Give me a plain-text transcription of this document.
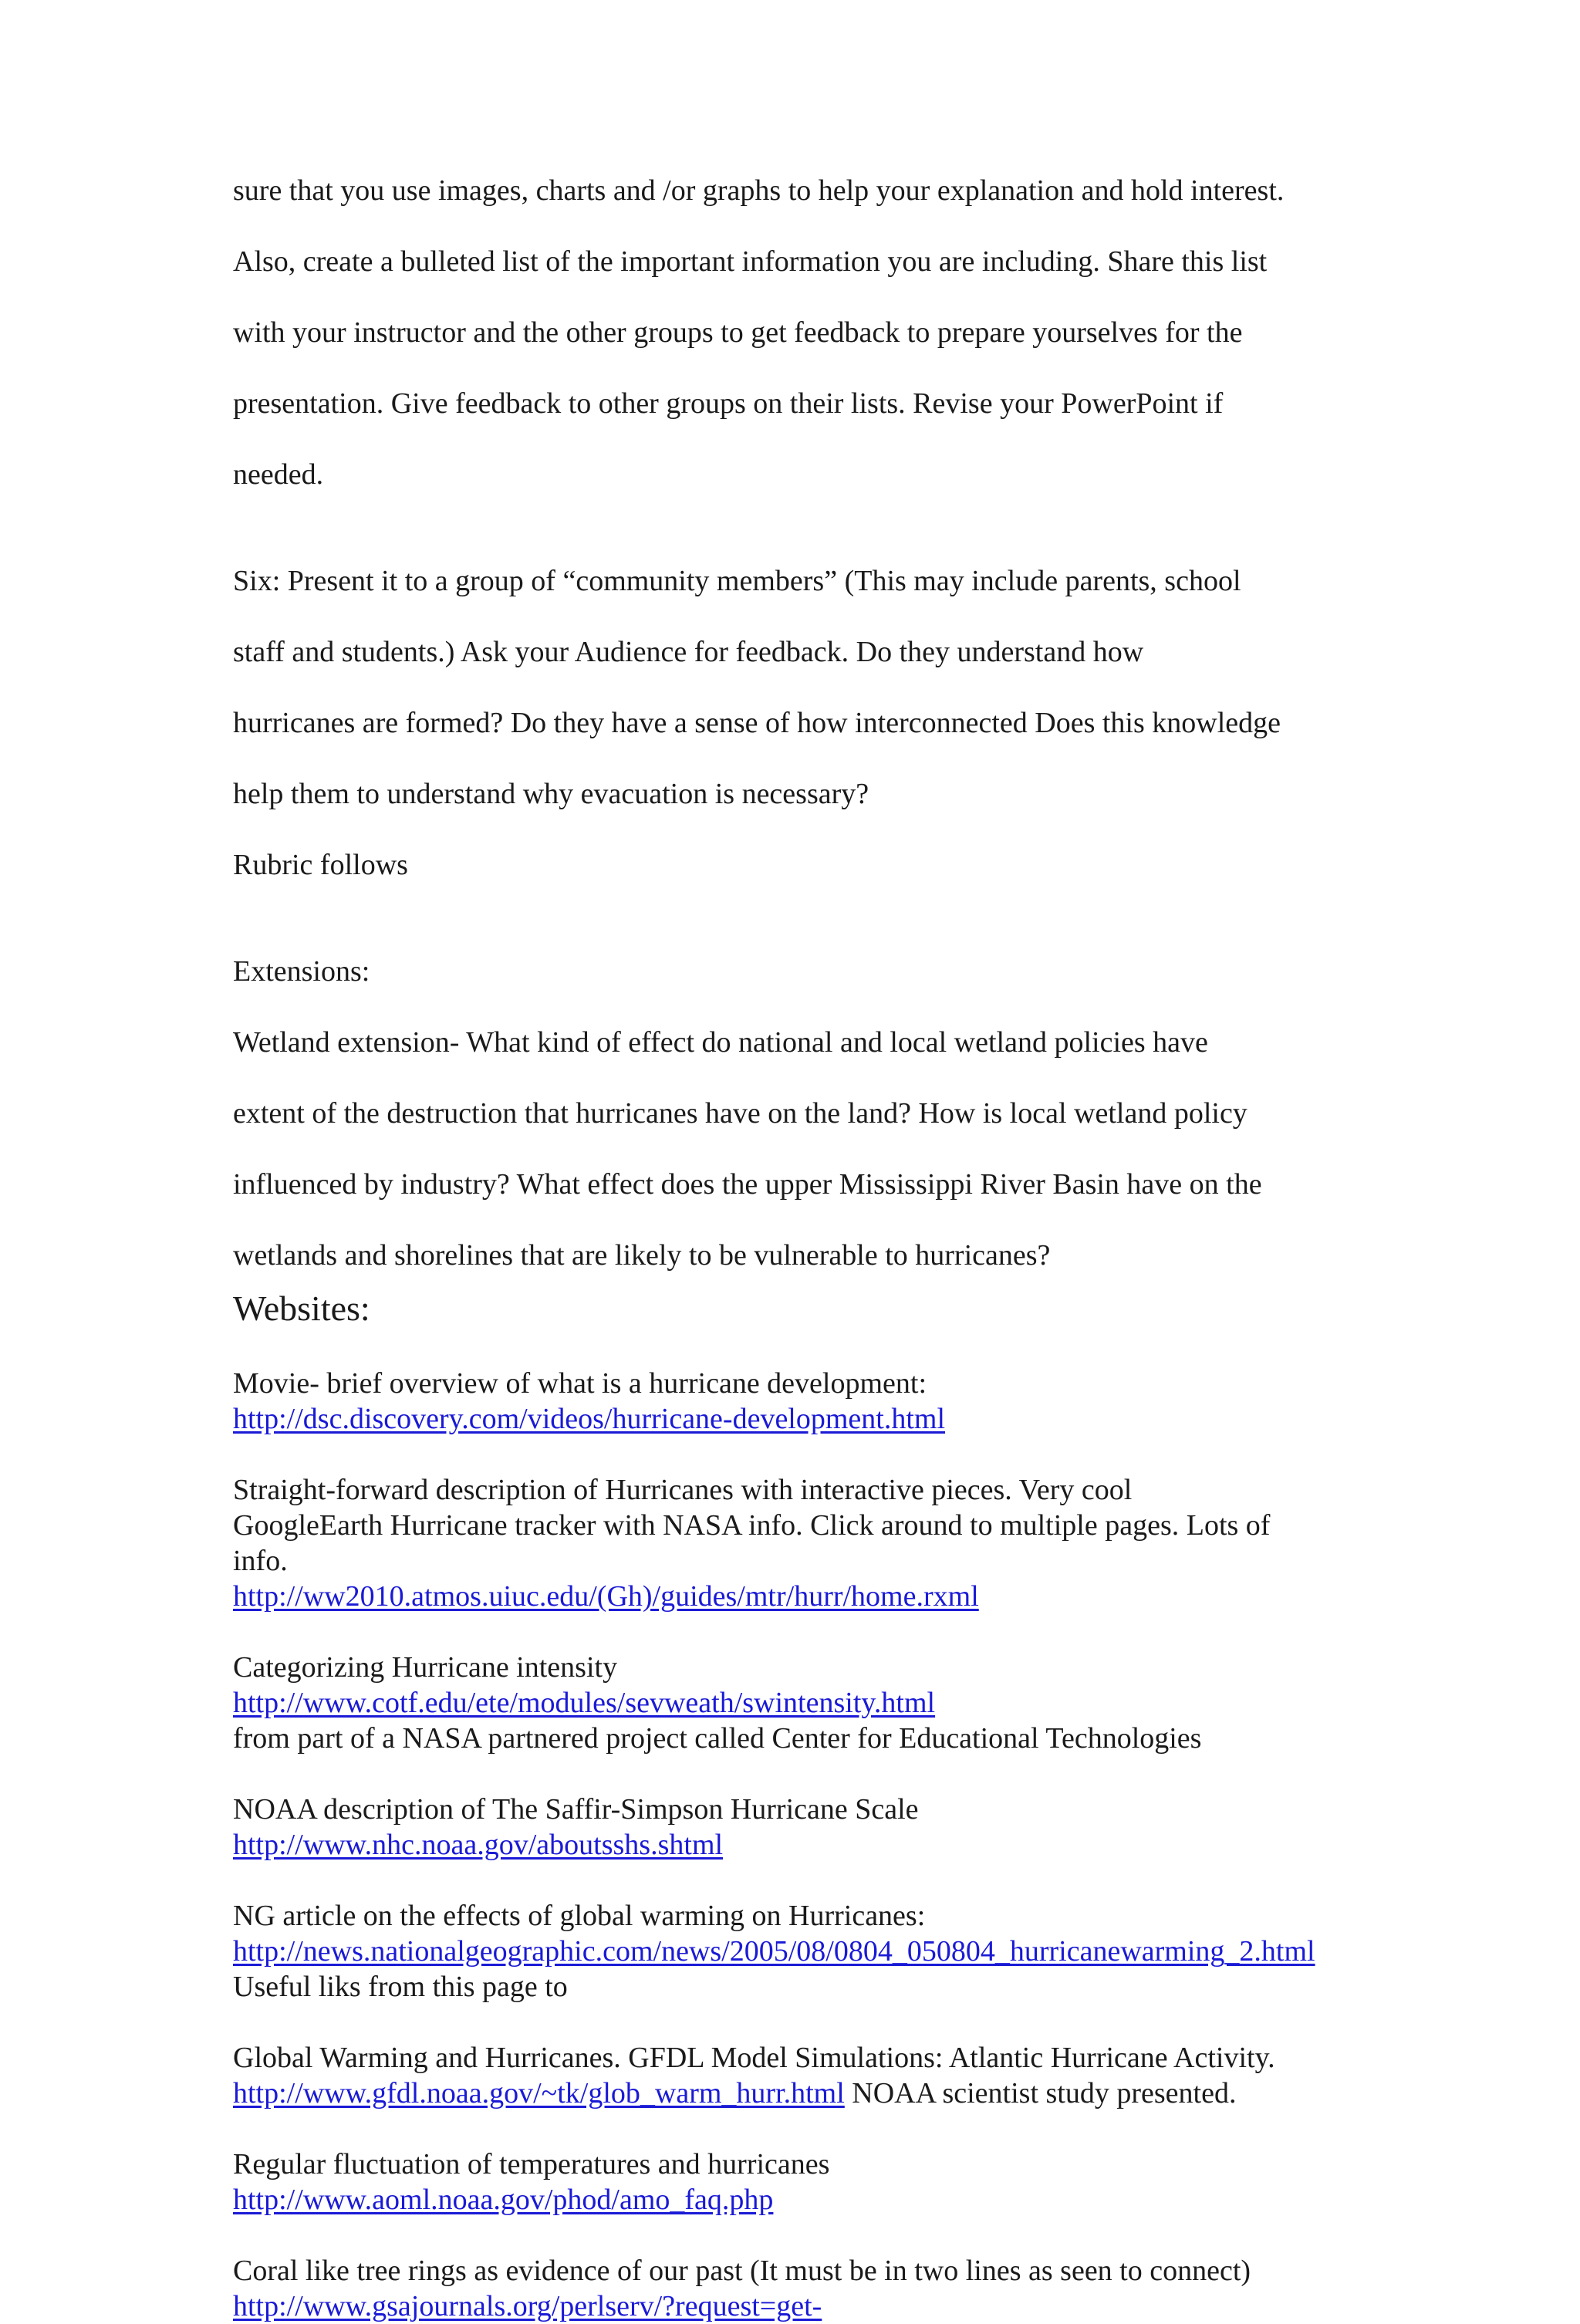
sure that you use images, charts and /or graphs to help your explanation and hold interest.

Also, create a bulleted list of the important information you are including. Share this list

with your instructor and the other groups to get feedback to prepare yourselves for the

presentation. Give feedback to other groups on their lists. Revise your PowerPoint if

needed.

Six: Present it to a group of “community members” (This may include parents, school

staff and students.) Ask your Audience for feedback. Do they understand how

hurricanes are formed? Do they have a sense of how interconnected Does this knowledge

help them to understand why evacuation is necessary?

Rubric follows

Extensions:

Wetland extension- What kind of effect do national and local wetland policies have

extent of the destruction that hurricanes have on the land? How is local wetland policy

influenced by industry? What effect does the upper Mississippi River Basin have on the

wetlands and shorelines that are likely to be vulnerable to hurricanes?

Websites:

Movie- brief overview of what is a hurricane development:

http://dsc.discovery.com/videos/hurricane-development.html

Straight-forward description of Hurricanes with interactive pieces. Very cool
GoogleEarth Hurricane tracker with NASA info. Click around to multiple pages. Lots of
info.

http://ww2010.atmos.uiuc.edu/(Gh)/guides/mtr/hurr/home.rxml

Categorizing Hurricane intensity

http://www.cotf.edu/ete/modules/sevweath/swintensity.html

from part of a NASA partnered project called Center for Educational Technologies

NOAA description of The Saffir-Simpson Hurricane Scale

http://www.nhc.noaa.gov/aboutsshs.shtml

NG article on the effects of global warming on Hurricanes:

http://news.nationalgeographic.com/news/2005/08/0804_050804_hurricanewarming_2.html Useful liks from this page to

Global Warming and Hurricanes. GFDL Model Simulations: Atlantic Hurricane Activity.

http://www.gfdl.noaa.gov/~tk/glob_warm_hurr.html NOAA scientist study presented.

Regular fluctuation of temperatures and hurricanes

http://www.aoml.noaa.gov/phod/amo_faq.php

Coral like tree rings as evidence of our past (It must be in two lines as seen to connect)

http://www.gsajournals.org/perlserv/?request=get-
